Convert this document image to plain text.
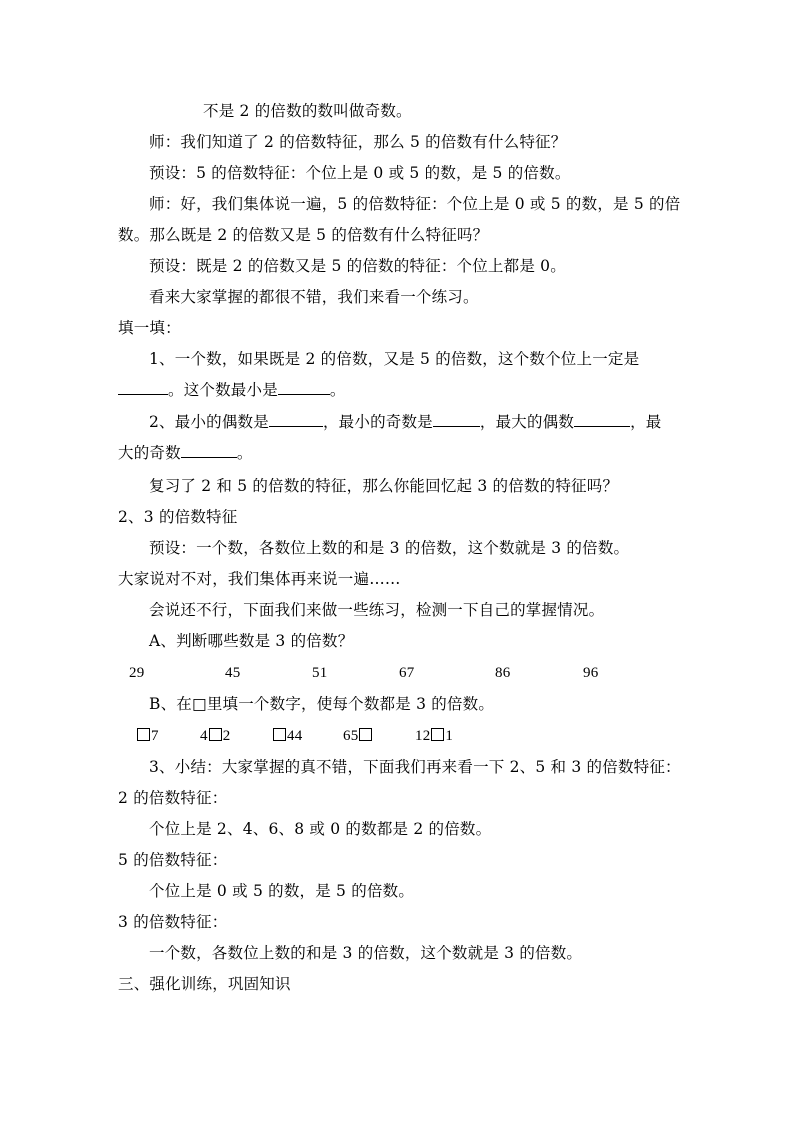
不是 2 的倍数的数叫做奇数。
师：我们知道了 2 的倍数特征，那么 5 的倍数有什么特征？
预设：5 的倍数特征：个位上是 0 或 5 的数，是 5 的倍数。
师：好，我们集体说一遍，5 的倍数特征：个位上是 0 或 5 的数，是 5 的倍
数。那么既是 2 的倍数又是 5 的倍数有什么特征吗？
预设：既是 2 的倍数又是 5 的倍数的特征：个位上都是 0。
看来大家掌握的都很不错，我们来看一个练习。
填一填：
1、一个数，如果既是 2 的倍数，又是 5 的倍数，这个数个位上一定是
。这个数最小是	。
2、最小的偶数是	，最小的奇数是	，最大的偶数	，最
大的奇数	。
复习了 2 和 5 的倍数的特征，那么你能回忆起 3 的倍数的特征吗？
2、3 的倍数特征
预设：一个数，各数位上数的和是 3 的倍数，这个数就是 3 的倍数。
大家说对不对，我们集体再来说一遍……
会说还不行，下面我们来做一些练习，检测一下自己的掌握情况。
A、判断哪些数是 3 的倍数？
29	45	51	67	86	96
B、在□里填一个数字，使每个数都是 3 的倍数。
7	4 2	44	65	12 1
3、小结：大家掌握的真不错，下面我们再来看一下 2、5 和 3 的倍数特征：
2 的倍数特征：
个位上是 2、4、6、8 或 0 的数都是 2 的倍数。
5 的倍数特征：
个位上是 0 或 5 的数，是 5 的倍数。
3 的倍数特征：
一个数，各数位上数的和是 3 的倍数，这个数就是 3 的倍数。
三、强化训练，巩固知识
